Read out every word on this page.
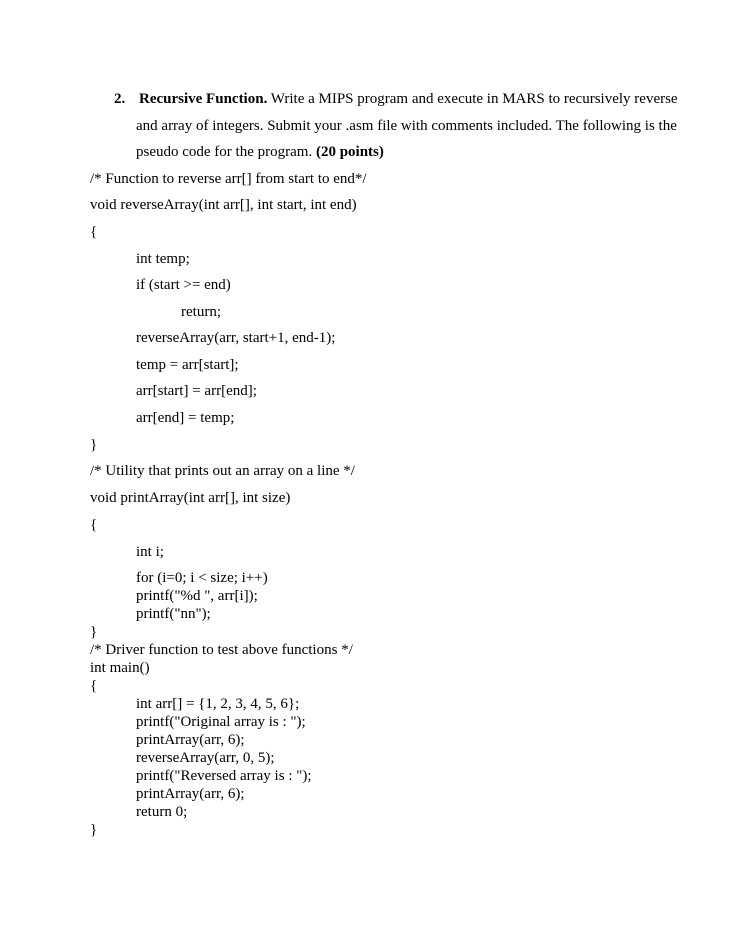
2. Recursive Function. Write a MIPS program and execute in MARS to recursively reverse
and array of integers. Submit your .asm file with comments included. The following is the
pseudo code for the program. (20 points)
/* Function to reverse arr[] from start to end*/
void reverseArray(int arr[], int start, int end)
{
int temp;
if (start >= end)
return;
reverseArray(arr, start+1, end-1);
temp = arr[start];
arr[start] = arr[end];
arr[end] = temp;
}
/* Utility that prints out an array on a line */
void printArray(int arr[], int size)
{
int i;
for (i=0; i < size; i++)
printf("%d ", arr[i]);
printf("nn");
}
/* Driver function to test above functions */
int main()
{
int arr[] = {1, 2, 3, 4, 5, 6};
printf("Original array is : ");
printArray(arr, 6);
reverseArray(arr, 0, 5);
printf("Reversed array is : ");
printArray(arr, 6);
return 0;
}
